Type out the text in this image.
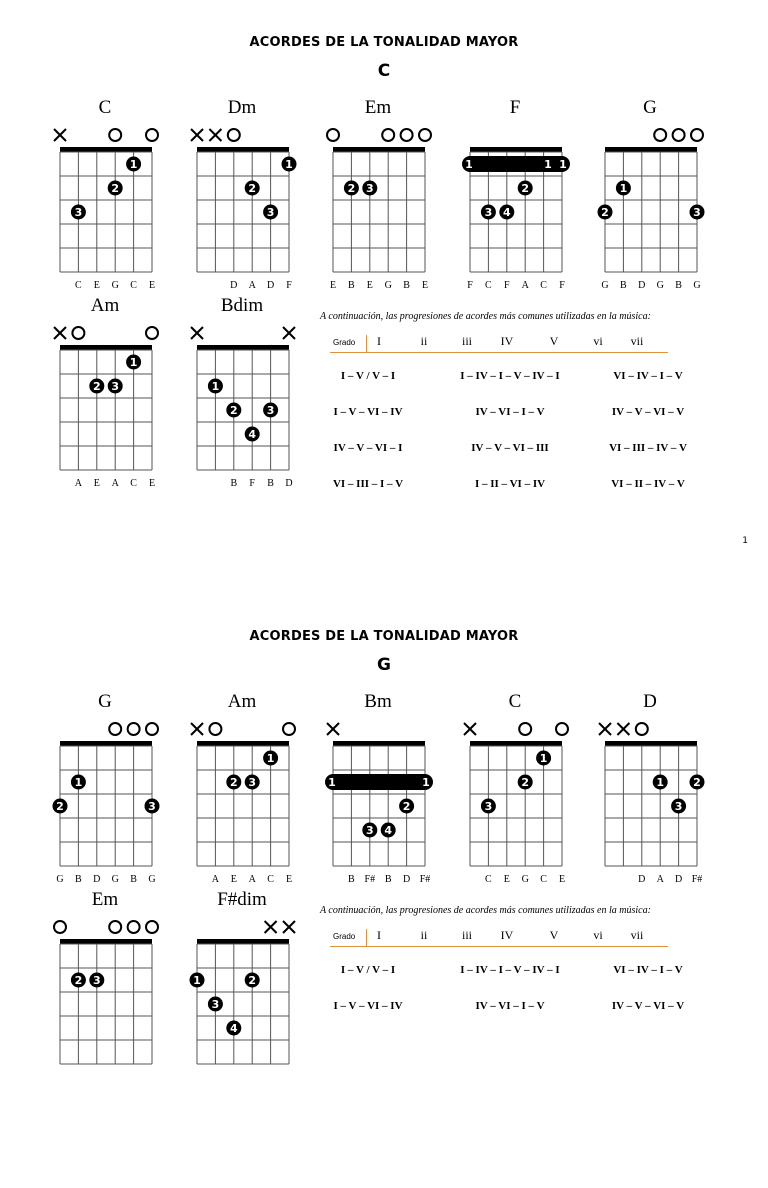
ACORDES DE LA TONALIDAD MAYOR
C
C
1
2
3
C	E	G	C	E
Dm
1
2
3
D	A	D	F
Em
2 3
E	B	E	G	B	E
F
1	1 1
2
3 4
F	C	F	A	C	F
G
1
2	3
G	B	D	G	B	G
Am
1
2 3
A	E	A	C	E
Bdim
1
2	3
4
B	F	B	D
A continuación, las progresiones de acordes más comunes utilizadas en la música:
Grado	I	ii	iii	IV	V	vi	vii
I – V / V – I	I – IV – I – V – IV – I	VI – IV – I – V
I – V – VI – IV	IV – VI – I – V	IV – V – VI – V
IV – V – VI – I	IV – V – VI – III	VI – III – IV – V
VI – III – I – V	I – II – VI – IV	VI – II – IV – V
1
ACORDES DE LA TONALIDAD MAYOR
G
G
1
2	3
G	B	D	G	B	G
Am
1
2 3
A	E	A	C	E
Bm
1	1
2
3 4
B F# B	D F#
C
1
2
3
C	E	G	C	E
D
1	2
3
D	A	D F#
Em
2 3
F#dim
1	2
3
4
A continuación, las progresiones de acordes más comunes utilizadas en la música:
Grado	I	ii	iii	IV	V	vi	vii
I – V / V – I	I – IV – I – V – IV – I	VI – IV – I – V
I – V – VI – IV	IV – VI – I – V	IV – V – VI – V
